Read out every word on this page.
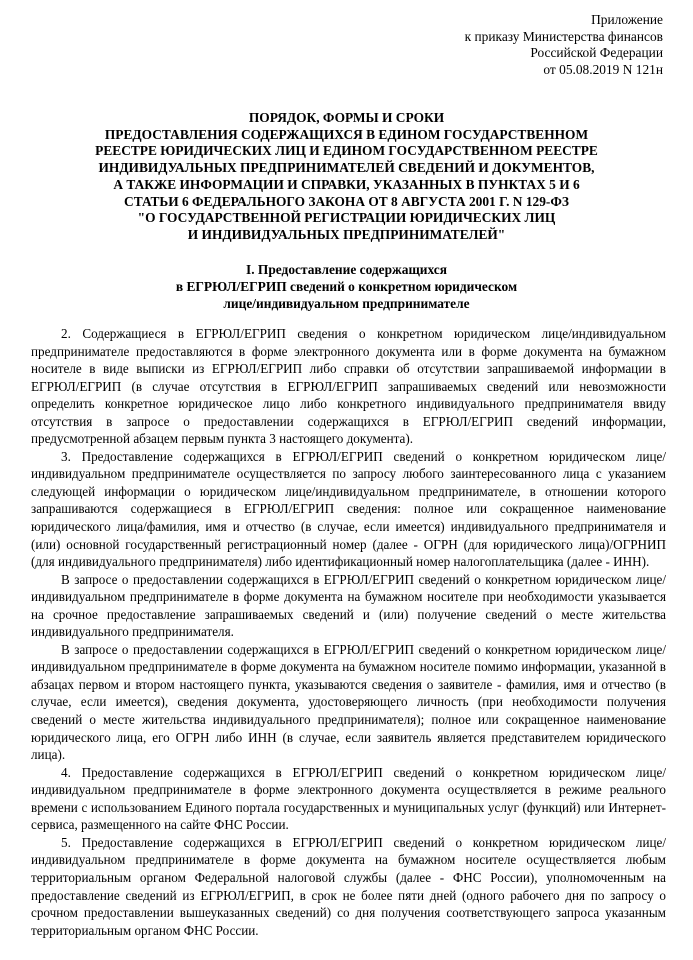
Приложение
к приказу Министерства финансов
Российской Федерации
от 05.08.2019 N 121н
ПОРЯДОК, ФОРМЫ И СРОКИ
ПРЕДОСТАВЛЕНИЯ СОДЕРЖАЩИХСЯ В ЕДИНОМ ГОСУДАРСТВЕННОМ
РЕЕСТРЕ ЮРИДИЧЕСКИХ ЛИЦ И ЕДИНОМ ГОСУДАРСТВЕННОМ РЕЕСТРЕ
ИНДИВИДУАЛЬНЫХ ПРЕДПРИНИМАТЕЛЕЙ СВЕДЕНИЙ И ДОКУМЕНТОВ,
А ТАКЖЕ ИНФОРМАЦИИ И СПРАВКИ, УКАЗАННЫХ В ПУНКТАХ 5 И 6
СТАТЬИ 6 ФЕДЕРАЛЬНОГО ЗАКОНА ОТ 8 АВГУСТА 2001 Г. N 129-ФЗ
"О ГОСУДАРСТВЕННОЙ РЕГИСТРАЦИИ ЮРИДИЧЕСКИХ ЛИЦ
И ИНДИВИДУАЛЬНЫХ ПРЕДПРИНИМАТЕЛЕЙ"
I. Предоставление содержащихся
в ЕГРЮЛ/ЕГРИП сведений о конкретном юридическом
лице/индивидуальном предпринимателе

2. Содержащиеся в ЕГРЮЛ/ЕГРИП сведения о конкретном юридическом лице/индивидуальном предпринимателе предоставляются в форме электронного документа или в форме документа на бумажном носителе в виде выписки из ЕГРЮЛ/ЕГРИП либо справки об отсутствии запрашиваемой информации в ЕГРЮЛ/ЕГРИП (в случае отсутствия в ЕГРЮЛ/ЕГРИП запрашиваемых сведений или невозможности определить конкретное юридическое лицо либо конкретного индивидуального предпринимателя ввиду отсутствия в запросе о предоставлении содержащихся в ЕГРЮЛ/ЕГРИП сведений информации, предусмотренной абзацем первым пункта 3 настоящего документа).

3. Предоставление содержащихся в ЕГРЮЛ/ЕГРИП сведений о конкретном юридическом лице/индивидуальном предпринимателе осуществляется по запросу любого заинтересованного лица с указанием следующей информации о юридическом лице/индивидуальном предпринимателе, в отношении которого запрашиваются содержащиеся в ЕГРЮЛ/ЕГРИП сведения: полное или сокращенное наименование юридического лица/фамилия, имя и отчество (в случае, если имеется) индивидуального предпринимателя и (или) основной государственный регистрационный номер (далее - ОГРН (для юридического лица)/ОГРНИП (для индивидуального предпринимателя) либо идентификационный номер налогоплательщика (далее - ИНН).

В запросе о предоставлении содержащихся в ЕГРЮЛ/ЕГРИП сведений о конкретном юридическом лице/индивидуальном предпринимателе в форме документа на бумажном носителе при необходимости указывается на срочное предоставление запрашиваемых сведений и (или) получение сведений о месте жительства индивидуального предпринимателя.

В запросе о предоставлении содержащихся в ЕГРЮЛ/ЕГРИП сведений о конкретном юридическом лице/индивидуальном предпринимателе в форме документа на бумажном носителе помимо информации, указанной в абзацах первом и втором настоящего пункта, указываются сведения о заявителе - фамилия, имя и отчество (в случае, если имеется), сведения документа, удостоверяющего личность (при необходимости получения сведений о месте жительства индивидуального предпринимателя); полное или сокращенное наименование юридического лица, его ОГРН либо ИНН (в случае, если заявитель является представителем юридического лица).

4. Предоставление содержащихся в ЕГРЮЛ/ЕГРИП сведений о конкретном юридическом лице/индивидуальном предпринимателе в форме электронного документа осуществляется в режиме реального времени с использованием Единого портала государственных и муниципальных услуг (функций) или Интернет-сервиса, размещенного на сайте ФНС России.

5. Предоставление содержащихся в ЕГРЮЛ/ЕГРИП сведений о конкретном юридическом лице/индивидуальном предпринимателе в форме документа на бумажном носителе осуществляется любым территориальным органом Федеральной налоговой службы (далее - ФНС России), уполномоченным на предоставление сведений из ЕГРЮЛ/ЕГРИП, в срок не более пяти дней (одного рабочего дня по запросу о срочном предоставлении вышеуказанных сведений) со дня получения соответствующего запроса указанным территориальным органом ФНС России.
